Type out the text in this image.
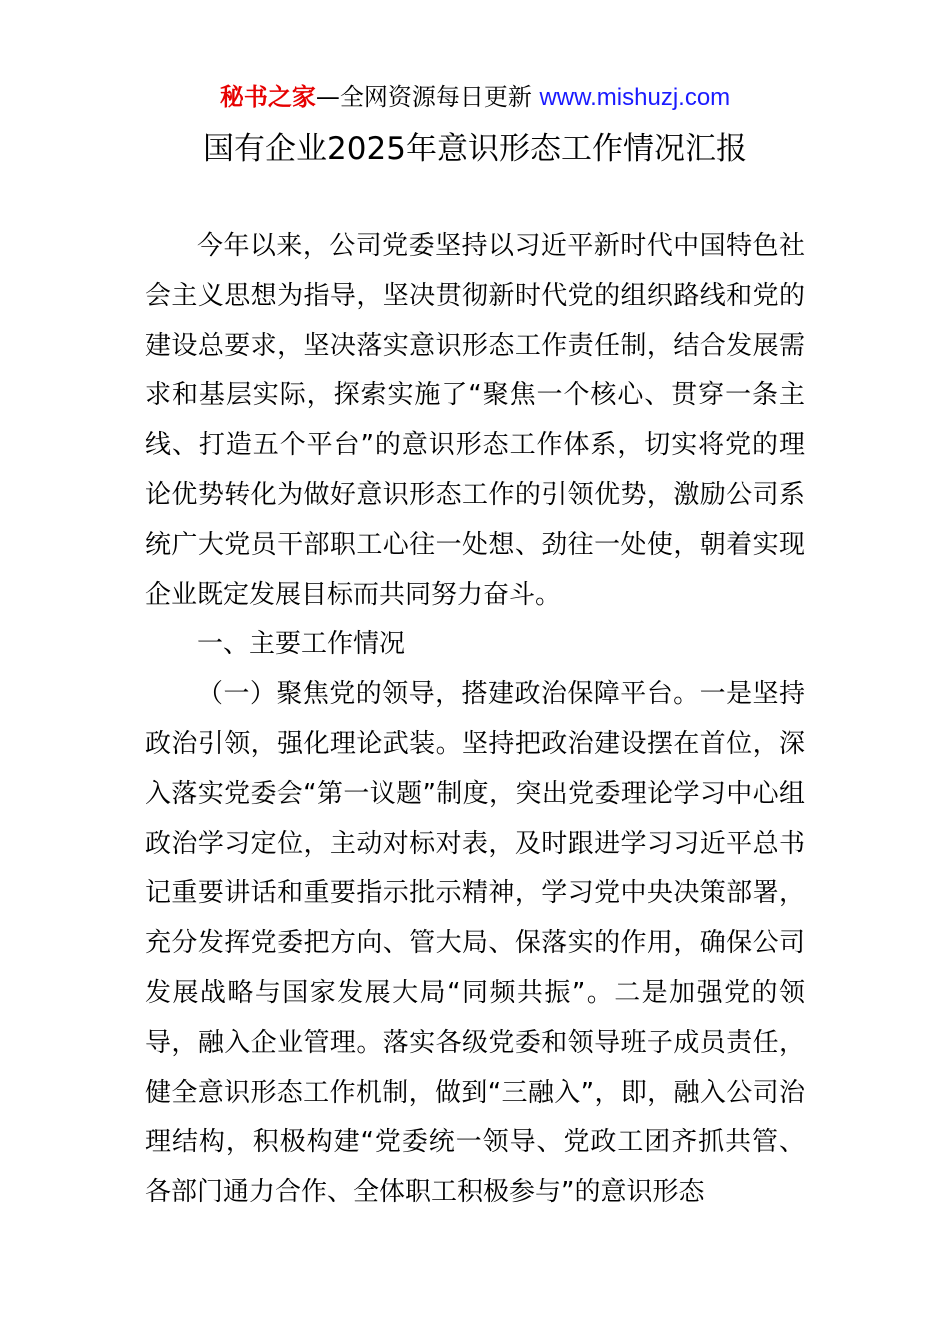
秘书之家—全网资源每日更新 www.mishuzj.com
国有企业2025年意识形态工作情况汇报

今年以来，公司党委坚持以习近平新时代中国特色社会主义思想为指导，坚决贯彻新时代党的组织路线和党的建设总要求，坚决落实意识形态工作责任制，结合发展需求和基层实际，探索实施了“聚焦一个核心、贯穿一条主线、打造五个平台”的意识形态工作体系，切实将党的理论优势转化为做好意识形态工作的引领优势，激励公司系统广大党员干部职工心往一处想、劲往一处使，朝着实现企业既定发展目标而共同努力奋斗。

一、主要工作情况

（一）聚焦党的领导，搭建政治保障平台。一是坚持政治引领，强化理论武装。坚持把政治建设摆在首位，深入落实党委会“第一议题”制度，突出党委理论学习中心组政治学习定位，主动对标对表，及时跟进学习习近平总书记重要讲话和重要指示批示精神，学习党中央决策部署，充分发挥党委把方向、管大局、保落实的作用，确保公司发展战略与国家发展大局“同频共振”。二是加强党的领导，融入企业管理。落实各级党委和领导班子成员责任，健全意识形态工作机制，做到“三融入”，即，融入公司治理结构，积极构建“党委统一领导、党政工团齐抓共管、各部门通力合作、全体职工积极参与”的意识形态
